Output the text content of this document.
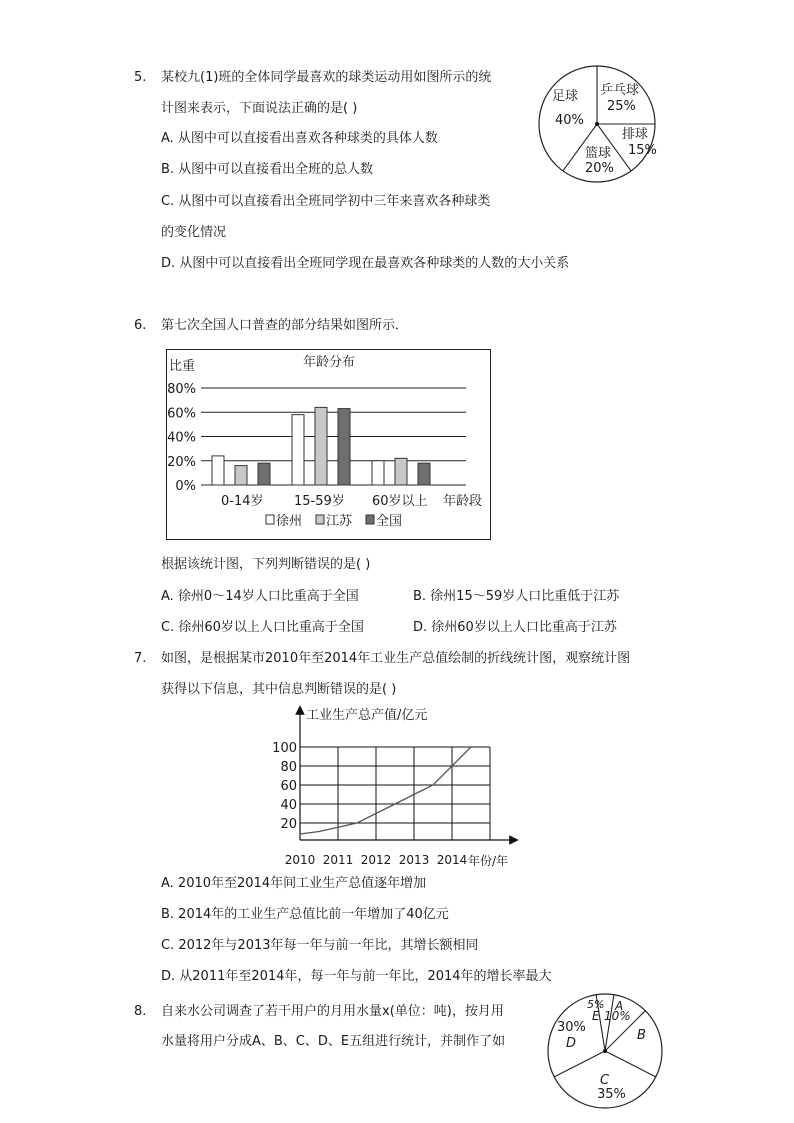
5. 某校九(1)班的全体同学最喜欢的球类运动用如图所示的统
计图来表示，下面说法正确的是( )
A. 从图中可以直接看出喜欢各种球类的具体人数
B. 从图中可以直接看出全班的总人数
C. 从图中可以直接看出全班同学初中三年来喜欢各种球类
的变化情况
D. 从图中可以直接看出全班同学现在最喜欢各种球类的人数的大小关系
足球
40%
乒乓球
25%
排球
15%
篮球
20%
6. 第七次全国人口普查的部分结果如图所示．
年龄分布
比重
0%
20%
40%
60%
80%
0-14岁 15-59岁 60岁以上 年龄段
徐州 江苏 全国
根据该统计图，下列判断错误的是( )
A. 徐州0～14岁人口比重高于全国	B. 徐州15～59岁人口比重低于江苏
C. 徐州60岁以上人口比重高于全国	D. 徐州60岁以上人口比重高于江苏
7. 如图，是根据某市2010年至2014年工业生产总值绘制的折线统计图，观察统计图
获得以下信息，其中信息判断错误的是( )
工业生产总产值/亿元
20
40
60
80
100
2010 2011 2012 2013 2014 年份/年
A. 2010年至2014年间工业生产总值逐年增加
B. 2014年的工业生产总值比前一年增加了40亿元
C. 2012年与2013年每一年与前一年比，其增长额相同
D. 从2011年至2014年，每一年与前一年比，2014年的增长率最大
8. 自来水公司调查了若干用户的月用水量x(单位：吨)，按月用
水量将用户分成A、B、C、D、E五组进行统计，并制作了如
5%
E
A
10%
B
30%
D
C
35%
